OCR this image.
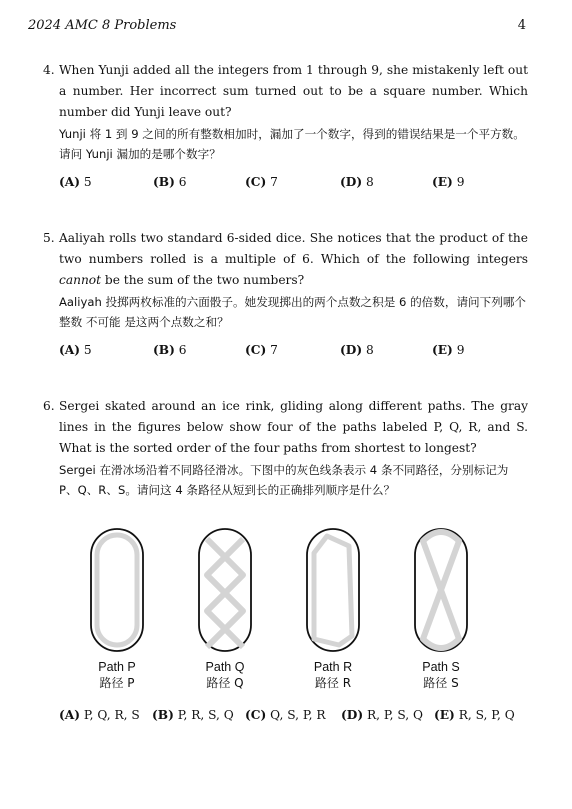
2024 AMC 8 Problems	4
4. When Yunji added all the integers from 1 through 9, she mistakenly left out a number. Her incorrect sum turned out to be a square number. Which number did Yunji leave out?
Yunji 将 1 到 9 之间的所有整数相加时，漏加了一个数字，得到的错误结果是一个平方数。请问 Yunji 漏加的是哪个数字？
(A) 5	(B) 6	(C) 7	(D) 8	(E) 9
5. Aaliyah rolls two standard 6-sided dice. She notices that the product of the two numbers rolled is a multiple of 6. Which of the following integers cannot be the sum of the two numbers?
Aaliyah 投掷两枚标准的六面骰子。她发现掷出的两个点数之积是 6 的倍数，请问下列哪个整数 不可能 是这两个点数之和？
(A) 5	(B) 6	(C) 7	(D) 8	(E) 9
6. Sergei skated around an ice rink, gliding along different paths. The gray lines in the figures below show four of the paths labeled P, Q, R, and S. What is the sorted order of the four paths from shortest to longest?
Sergei 在滑冰场沿着不同路径滑冰。下图中的灰色线条表示 4 条不同路径，分别标记为 P、Q、R、S。请问这 4 条路径从短到长的正确排列顺序是什么？
Path P
路径 P
Path Q
路径 Q
Path R
路径 R
Path S
路径 S
(A) P, Q, R, S (B) P, R, S, Q (C) Q, S, P, R (D) R, P, S, Q (E) R, S, P, Q
